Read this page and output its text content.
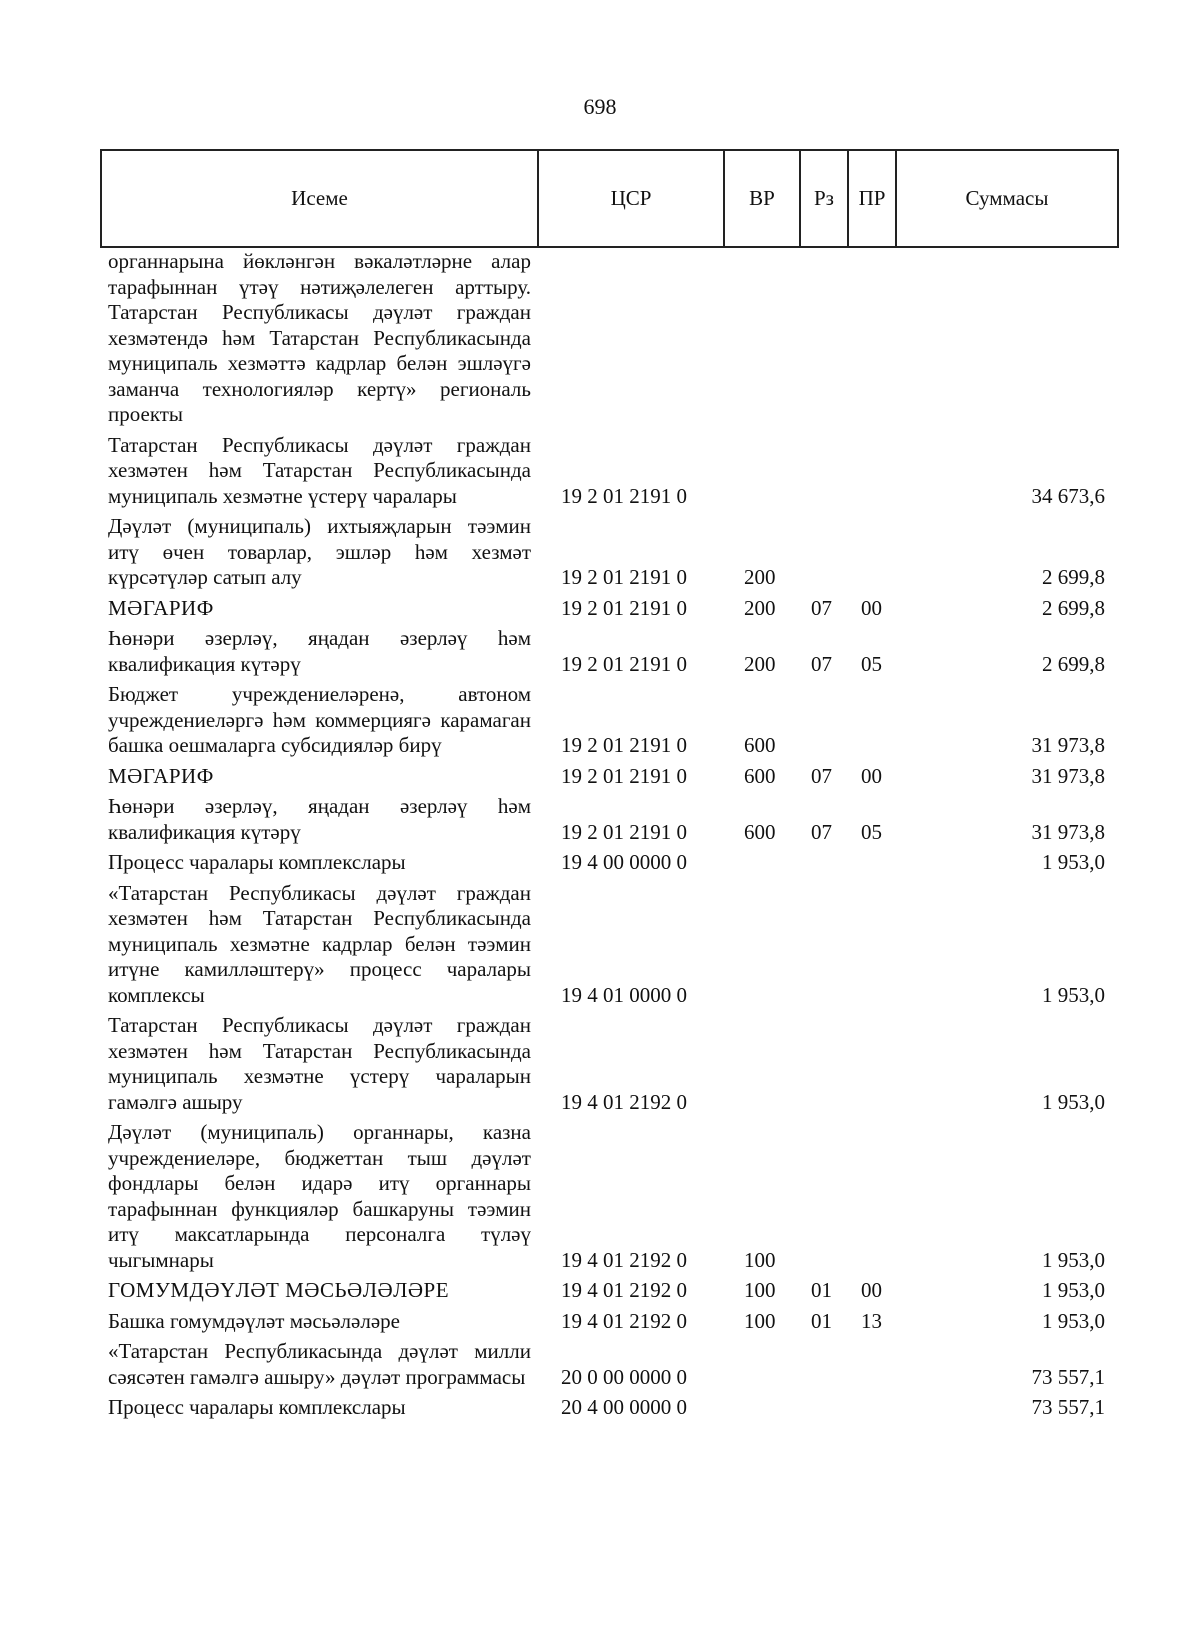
698
Исеме	ЦСР	ВР	Рз	ПР	Суммасы
органнарына йөкләнгән вәкаләтләрне алар тарафыннан үтәү нәтиҗәлелеген арттыру. Татарстан Республикасы дәүләт граждан хезмәтендә һәм Татарстан Республикасында муниципаль хезмәттә кадрлар белән эшләүгә заманча технологияләр кертү» региональ проекты					
Татарстан Республикасы дәүләт граждан хезмәтен һәм Татарстан Республикасында муниципаль хезмәтне үстерү чаралары	19 2 01 2191 0				34 673,6
Дәүләт (муниципаль) ихтыяҗларын тәэмин итү өчен товарлар, эшләр һәм хезмәт күрсәтүләр сатып алу	19 2 01 2191 0	200			2 699,8
МӘГАРИФ	19 2 01 2191 0	200	07	00	2 699,8
Һөнәри әзерләү, яңадан әзерләү һәм квалификация күтәрү	19 2 01 2191 0	200	07	05	2 699,8
Бюджет учреждениеләренә, автоном учреждениеләргә һәм коммерциягә карамаган башка оешмаларга субсидияләр бирү	19 2 01 2191 0	600			31 973,8
МӘГАРИФ	19 2 01 2191 0	600	07	00	31 973,8
Һөнәри әзерләү, яңадан әзерләү һәм квалификация күтәрү	19 2 01 2191 0	600	07	05	31 973,8
Процесс чаралары комплекслары	19 4 00 0000 0				1 953,0
«Татарстан Республикасы дәүләт граждан хезмәтен һәм Татарстан Республикасында муниципаль хезмәтне кадрлар белән тәэмин итүне камилләштерү» процесс чаралары комплексы	19 4 01 0000 0				1 953,0
Татарстан Республикасы дәүләт граждан хезмәтен һәм Татарстан Республикасында муниципаль хезмәтне үстерү чараларын гамәлгә ашыру	19 4 01 2192 0				1 953,0
Дәүләт (муниципаль) органнары, казна учреждениеләре, бюджеттан тыш дәүләт фондлары белән идарә итү органнары тарафыннан функцияләр башкаруны тәэмин итү максатларында персоналга түләү чыгымнары	19 4 01 2192 0	100			1 953,0
ГОМУМДӘҮЛӘТ МӘСЬӘЛӘЛӘРЕ	19 4 01 2192 0	100	01	00	1 953,0
Башка гомумдәүләт мәсьәләләре	19 4 01 2192 0	100	01	13	1 953,0
«Татарстан Республикасында дәүләт милли сәясәтен гамәлгә ашыру» дәүләт программасы	20 0 00 0000 0				73 557,1
Процесс чаралары комплекслары	20 4 00 0000 0				73 557,1
